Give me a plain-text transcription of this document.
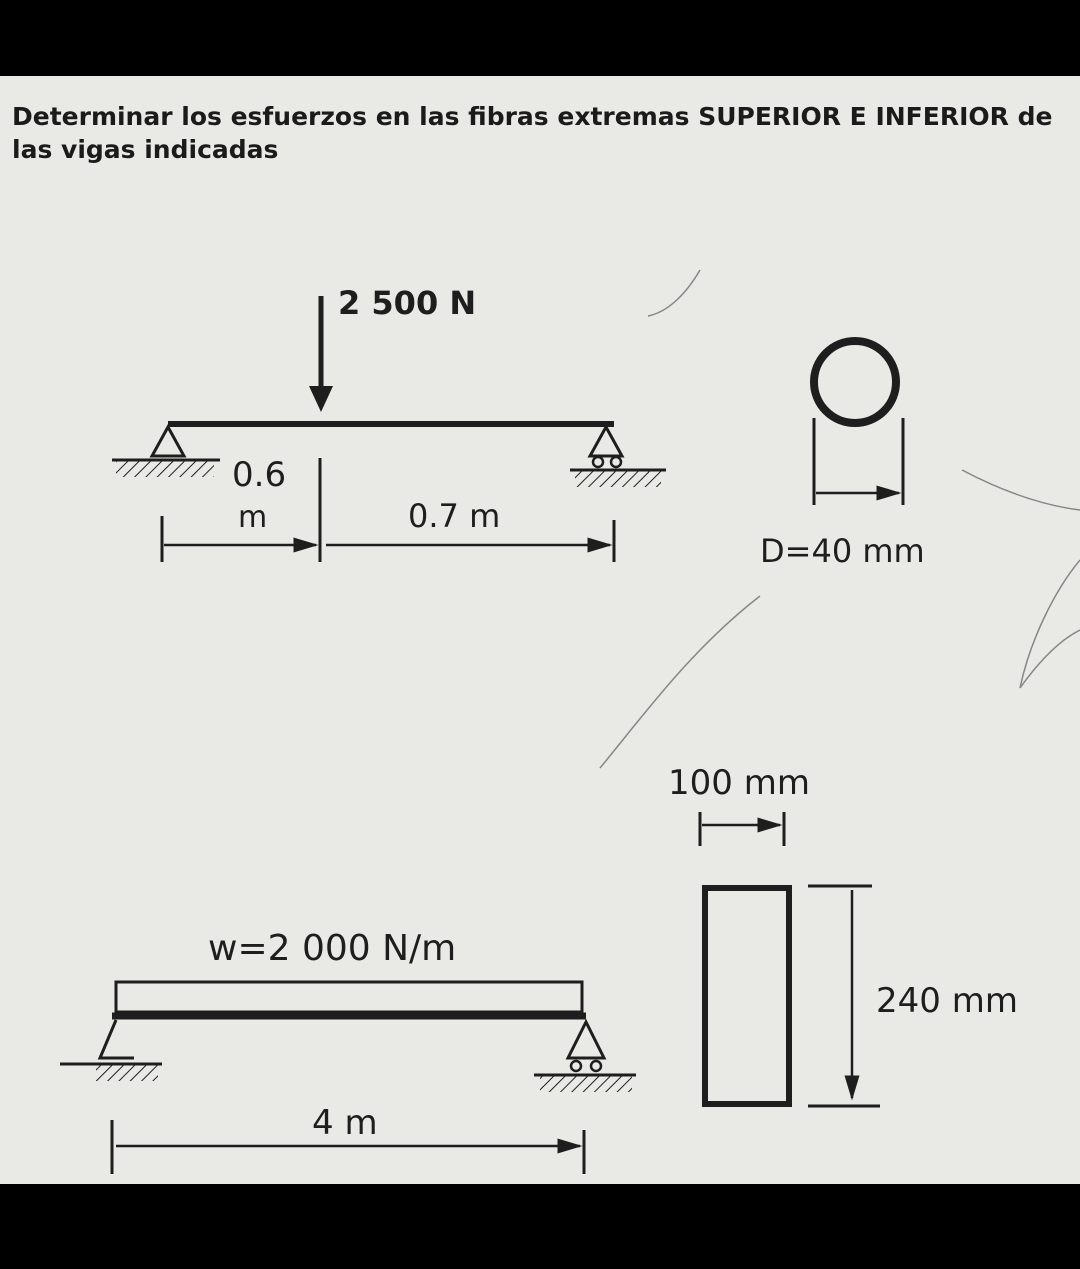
Determinar los esfuerzos en las fibras extremas SUPERIOR E INFERIOR de
las vigas indicadas

2 500 N
0.6
m	0.7 m
D=40 mm
w=2 000 N/m
4 m
100 mm
240 mm
